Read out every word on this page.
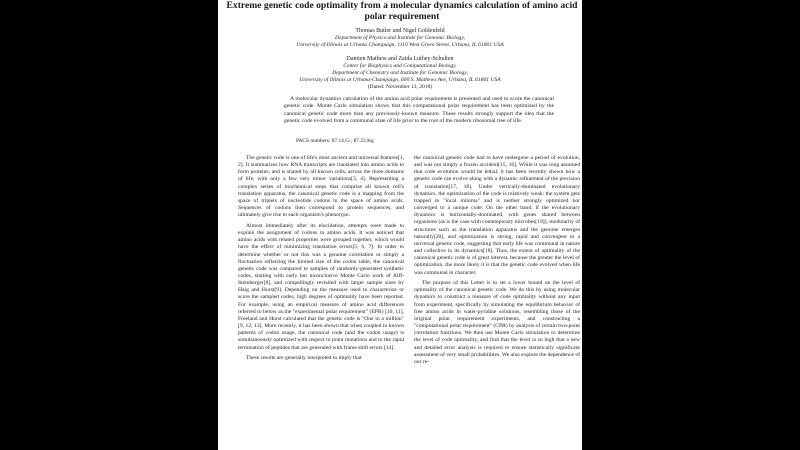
Extreme genetic code optimality from a molecular dynamics calculation of amino acid
polar requirement
Thomas Butler and Nigel Goldenfeld
Department of Physics and Institute for Genomic Biology,
University of Illinois at Urbana Champaign, 1110 West Green Street, Urbana, IL 61801 USA
Damien Mathew and Zaida Luthey-Schulten
Center for Biophysics and Computational Biology,
Department of Chemistry and Institute for Genomic Biology,
University of Illinois at Urbana-Champaign, 600 S. Mathews Ave, Urbana, IL 61801 USA
(Dated: November 13, 2018)
A molecular dynamics calculation of the amino acid polar requirement is presented and used to score the canonical genetic code. Monte Carlo simulation shows that this computational polar requirement has been optimized by the canonical genetic code more than any previously-known measure. These results strongly support the idea that the genetic code evolved from a communal state of life prior to the root of the modern ribosomal tree of life.
PACS numbers: 87.14.G-, 87.23.Kg

The genetic code is one of life's most ancient and universal features[1, 2]. It summarizes how RNA transcripts are translated into amino acids to form proteins, and is shared by all known cells, across the three domains of life, with only a few very minor variations[3, 4]. Representing a complex series of biochemical steps that comprise all known cell's translation apparatus, the canonical genetic code is a mapping from the space of triplets of nucleotide codons to the space of amino acids. Sequences of codons then correspond to protein sequences, and ultimately give rise to each organism's phenotype.

Almost immediately after its elucidation, attempts were made to explain the assignment of codons to amino acids. It was noticed that amino acids with related properties were grouped together, which would have the effect of minimizing translation errors[5, 6, 7]. In order to determine whether or not this was a genuine correlation or simply a fluctuation reflecting the limited size of the codon table, the canonical genetic code was compared to samples of randomly-generated synthetic codes, starting with early but inconclusive Monte Carlo work of Alff-Steinberger[8], and compellingly revisited with larger sample sizes by Haig and Hurst[9]. Depending on the measure used to characterize or score the sampled codes, high degrees of optimality have been reported. For example, using an empirical measure of amino acid differences referred to below as the "experimental polar requirement" (EPR) [10, 11], Freeland and Hurst calculated that the genetic code is "One in a million" [9, 12, 13]. More recently, it has been shown that when coupled to known patterns of codon usage, the canonical code (and the codon usage) is simultaneously optimized with respect to point mutations and to the rapid termination of peptides that are generated with frame shift errors [14].

These results are generally interpreted to imply that

the canonical genetic code had to have undergone a period of evolution, and was not simply a frozen accident[15, 16]. While it was long assumed that code evolution would be lethal, it has been recently shown how a genetic code can evolve along with a dynamic refinement of the precision of translation[17, 18]. Under vertically-dominated evolutionary dynamics, the optimization of the code is relatively weak: the system gets trapped in "local minima" and is neither strongly optimized nor converged to a unique code. On the other hand, if the evolutionary dynamics is horizontally-dominated, with genes shared between organisms (as is the case with contemporary microbes[19]), modularity of structures such as the translation apparatus and the genome emerges naturally[20], and optimization is strong, rapid and convergent to a universal genetic code, suggesting that early life was communal in nature and collective in its dynamics[18]. Thus, the extent of optimality of the canonical genetic code is of great interest, because the greater the level of optimization, the more likely it is that the genetic code evolved when life was communal in character.

The purpose of this Letter is to set a lower bound on the level of optimality of the canonical genetic code. We do this by using molecular dynamics to construct a measure of code optimality without any input from experiment, specifically by simulating the equilibrium behavior of free amino acids in water-pyridine solutions, resembling those of the original polar requirement experiments, and constructing a "computational polar requirement" (CPR) by analysis of certain two-point correlation functions. We then use Monte Carlo simulation to determine the level of code optimality, and find that the level is so high that a new and detailed error analysis is required to ensure statistically significant assessment of very small probabilities. We also explore the dependence of our re-
